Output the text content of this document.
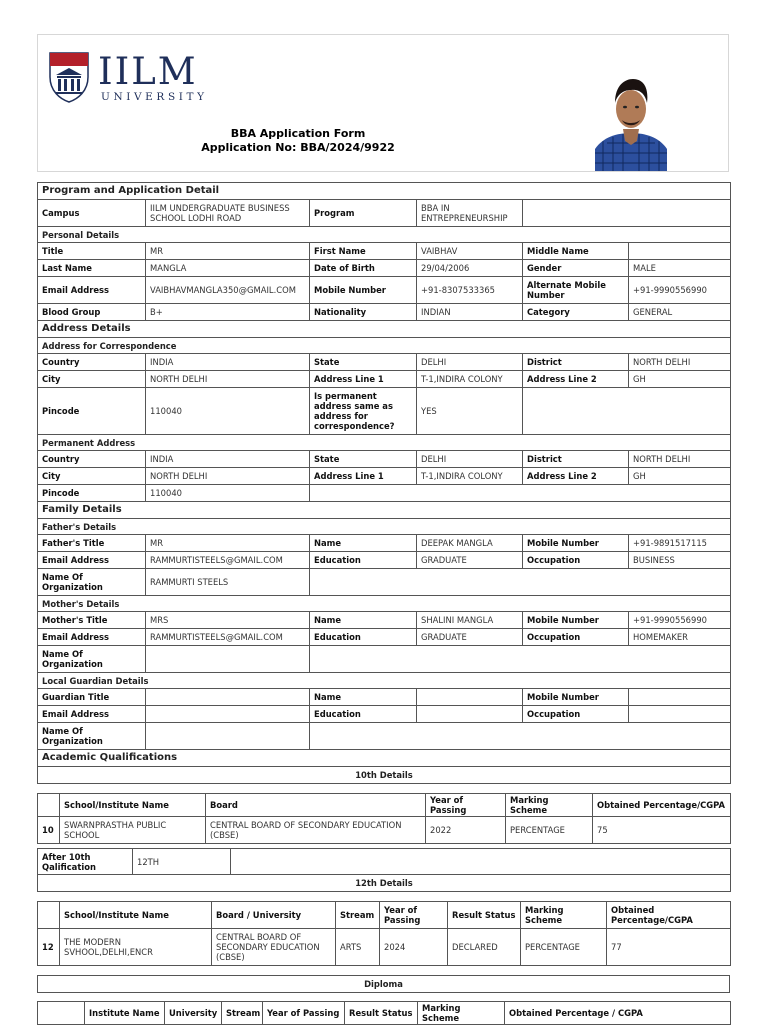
IILM
UNIVERSITY
BBA Application Form
Application No: BBA/2024/9922
Program and Application Detail					
Campus	IILM UNDERGRADUATE BUSINESS SCHOOL LODHI ROAD	Program	BBA IN ENTREPRENEURSHIP		
Personal Details					
Title	MR	First Name	VAIBHAV	Middle Name	
Last Name	MANGLA	Date of Birth	29/04/2006	Gender	MALE
Email Address	VAIBHAVMANGLA350@GMAIL.COM	Mobile Number	+91-8307533365	Alternate Mobile Number	+91-9990556990
Blood Group	B+	Nationality	INDIAN	Category	GENERAL
Address Details					
Address for Correspondence					
Country	INDIA	State	DELHI	District	NORTH DELHI
City	NORTH DELHI	Address Line 1	T-1,INDIRA COLONY	Address Line 2	GH
Pincode	110040	Is permanent address same as address for correspondence?	YES		
Permanent Address					
Country	INDIA	State	DELHI	District	NORTH DELHI
City	NORTH DELHI	Address Line 1	T-1,INDIRA COLONY	Address Line 2	GH
Pincode	110040				
Family Details					
Father's Details					
Father's Title	MR	Name	DEEPAK MANGLA	Mobile Number	+91-9891517115
Email Address	RAMMURTISTEELS@GMAIL.COM	Education	GRADUATE	Occupation	BUSINESS
Name Of Organization	RAMMURTI STEELS				
Mother's Details					
Mother's Title	MRS	Name	SHALINI MANGLA	Mobile Number	+91-9990556990
Email Address	RAMMURTISTEELS@GMAIL.COM	Education	GRADUATE	Occupation	HOMEMAKER
Name Of Organization					
Local Guardian Details					
Guardian Title		Name		Mobile Number	
Email Address		Education		Occupation	
Name Of Organization					
Academic Qualifications					
10th Details					
	School/Institute Name	Board	Year of Passing	Marking Scheme	Obtained Percentage/CGPA
10	SWARNPRASTHA PUBLIC SCHOOL	CENTRAL BOARD OF SECONDARY EDUCATION (CBSE)	2022	PERCENTAGE	75
After 10th Qalification	12TH	
12th Details
	School/Institute Name	Board / University	Stream	Year of Passing	Result Status	Marking Scheme	Obtained Percentage/CGPA
12	THE MODERN SVHOOL,DELHI,ENCR	CENTRAL BOARD OF SECONDARY EDUCATION (CBSE)	ARTS	2024	DECLARED	PERCENTAGE	77
Diploma
	Institute Name	University	Stream	Year of Passing	Result Status	Marking Scheme	Obtained Percentage / CGPA
